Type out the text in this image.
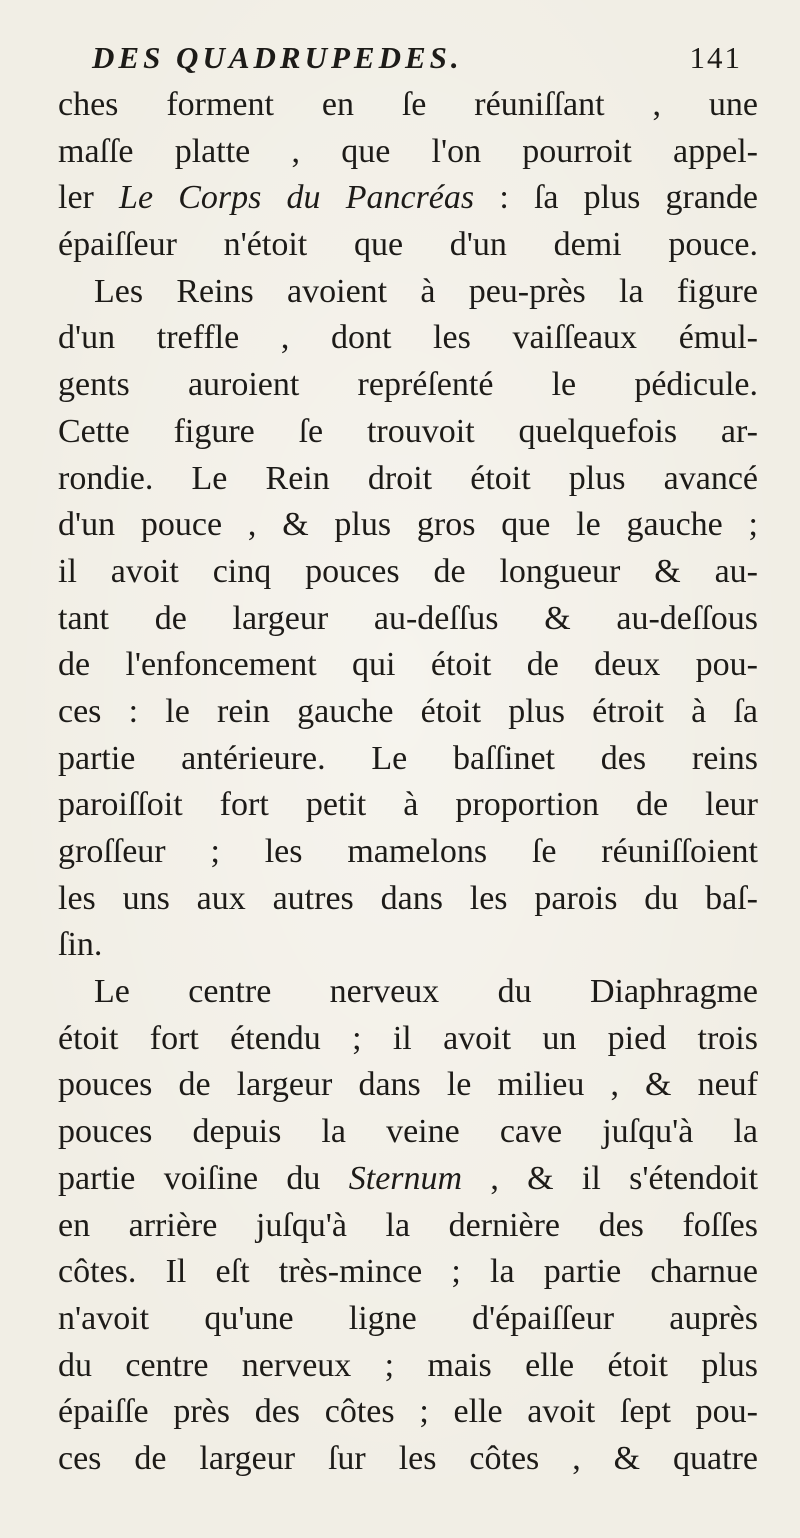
DES QUADRUPEDES.	141
ches forment en ſe réuniſſant , une
maſſe platte , que l'on pourroit appel-
ler Le Corps du Pancréas : ſa plus grande
épaiſſeur n'étoit que d'un demi pouce.
Les Reins avoient à peu-près la figure
d'un treffle , dont les vaiſſeaux émul-
gents auroient repréſenté le pédicule.
Cette figure ſe trouvoit quelquefois ar-
rondie. Le Rein droit étoit plus avancé
d'un pouce , & plus gros que le gauche ;
il avoit cinq pouces de longueur & au-
tant de largeur au-deſſus & au-deſſous
de l'enfoncement qui étoit de deux pou-
ces : le rein gauche étoit plus étroit à ſa
partie antérieure. Le baſſinet des reins
paroiſſoit fort petit à proportion de leur
groſſeur ; les mamelons ſe réuniſſoient
les uns aux autres dans les parois du baſ-
ſin.
Le centre nerveux du Diaphragme
étoit fort étendu ; il avoit un pied trois
pouces de largeur dans le milieu , & neuf
pouces depuis la veine cave juſqu'à la
partie voiſine du Sternum , & il s'étendoit
en arrière juſqu'à la dernière des foſſes
côtes. Il eſt très-mince ; la partie charnue
n'avoit qu'une ligne d'épaiſſeur auprès
du centre nerveux ; mais elle étoit plus
épaiſſe près des côtes ; elle avoit ſept pou-
ces de largeur ſur les côtes , & quatre
